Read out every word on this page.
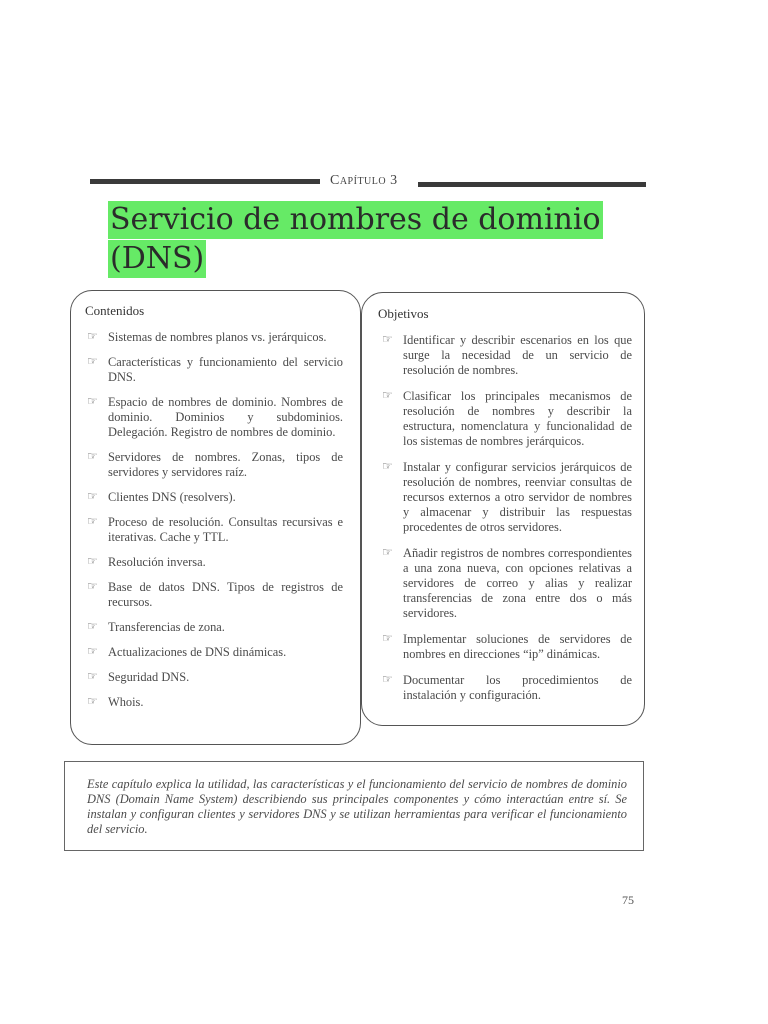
Capítulo 3
Servicio de nombres de dominio
(DNS)
Contenidos
☞ Sistemas de nombres planos vs. jerárquicos.
☞ Características y funcionamiento del servicio DNS.
☞ Espacio de nombres de dominio. Nombres de dominio. Dominios y subdominios. Delegación. Registro de nombres de dominio.
☞ Servidores de nombres. Zonas, tipos de servidores y servidores raíz.
☞ Clientes DNS (resolvers).
☞ Proceso de resolución. Consultas recursivas e iterativas. Cache y TTL.
☞ Resolución inversa.
☞ Base de datos DNS. Tipos de registros de recursos.
☞ Transferencias de zona.
☞ Actualizaciones de DNS dinámicas.
☞ Seguridad DNS.
☞ Whois.
Objetivos
☞ Identificar y describir escenarios en los que surge la necesidad de un servicio de resolución de nombres.
☞ Clasificar los principales mecanismos de resolución de nombres y describir la estructura, nomenclatura y funcionalidad de los sistemas de nombres jerárquicos.
☞ Instalar y configurar servicios jerárquicos de resolución de nombres, reenviar consultas de recursos externos a otro servidor de nombres y almacenar y distribuir las respuestas procedentes de otros servidores.
☞ Añadir registros de nombres correspondientes a una zona nueva, con opciones relativas a servidores de correo y alias y realizar transferencias de zona entre dos o más servidores.
☞ Implementar soluciones de servidores de nombres en direcciones “ip” dinámicas.
☞ Documentar los procedimientos de instalación y configuración.

Este capítulo explica la utilidad, las características y el funcionamiento del servicio de nombres de dominio DNS (Domain Name System) describiendo sus principales componentes y cómo interactúan entre sí. Se instalan y configuran clientes y servidores DNS y se utilizan herramientas para verificar el funcionamiento del servicio.

75
